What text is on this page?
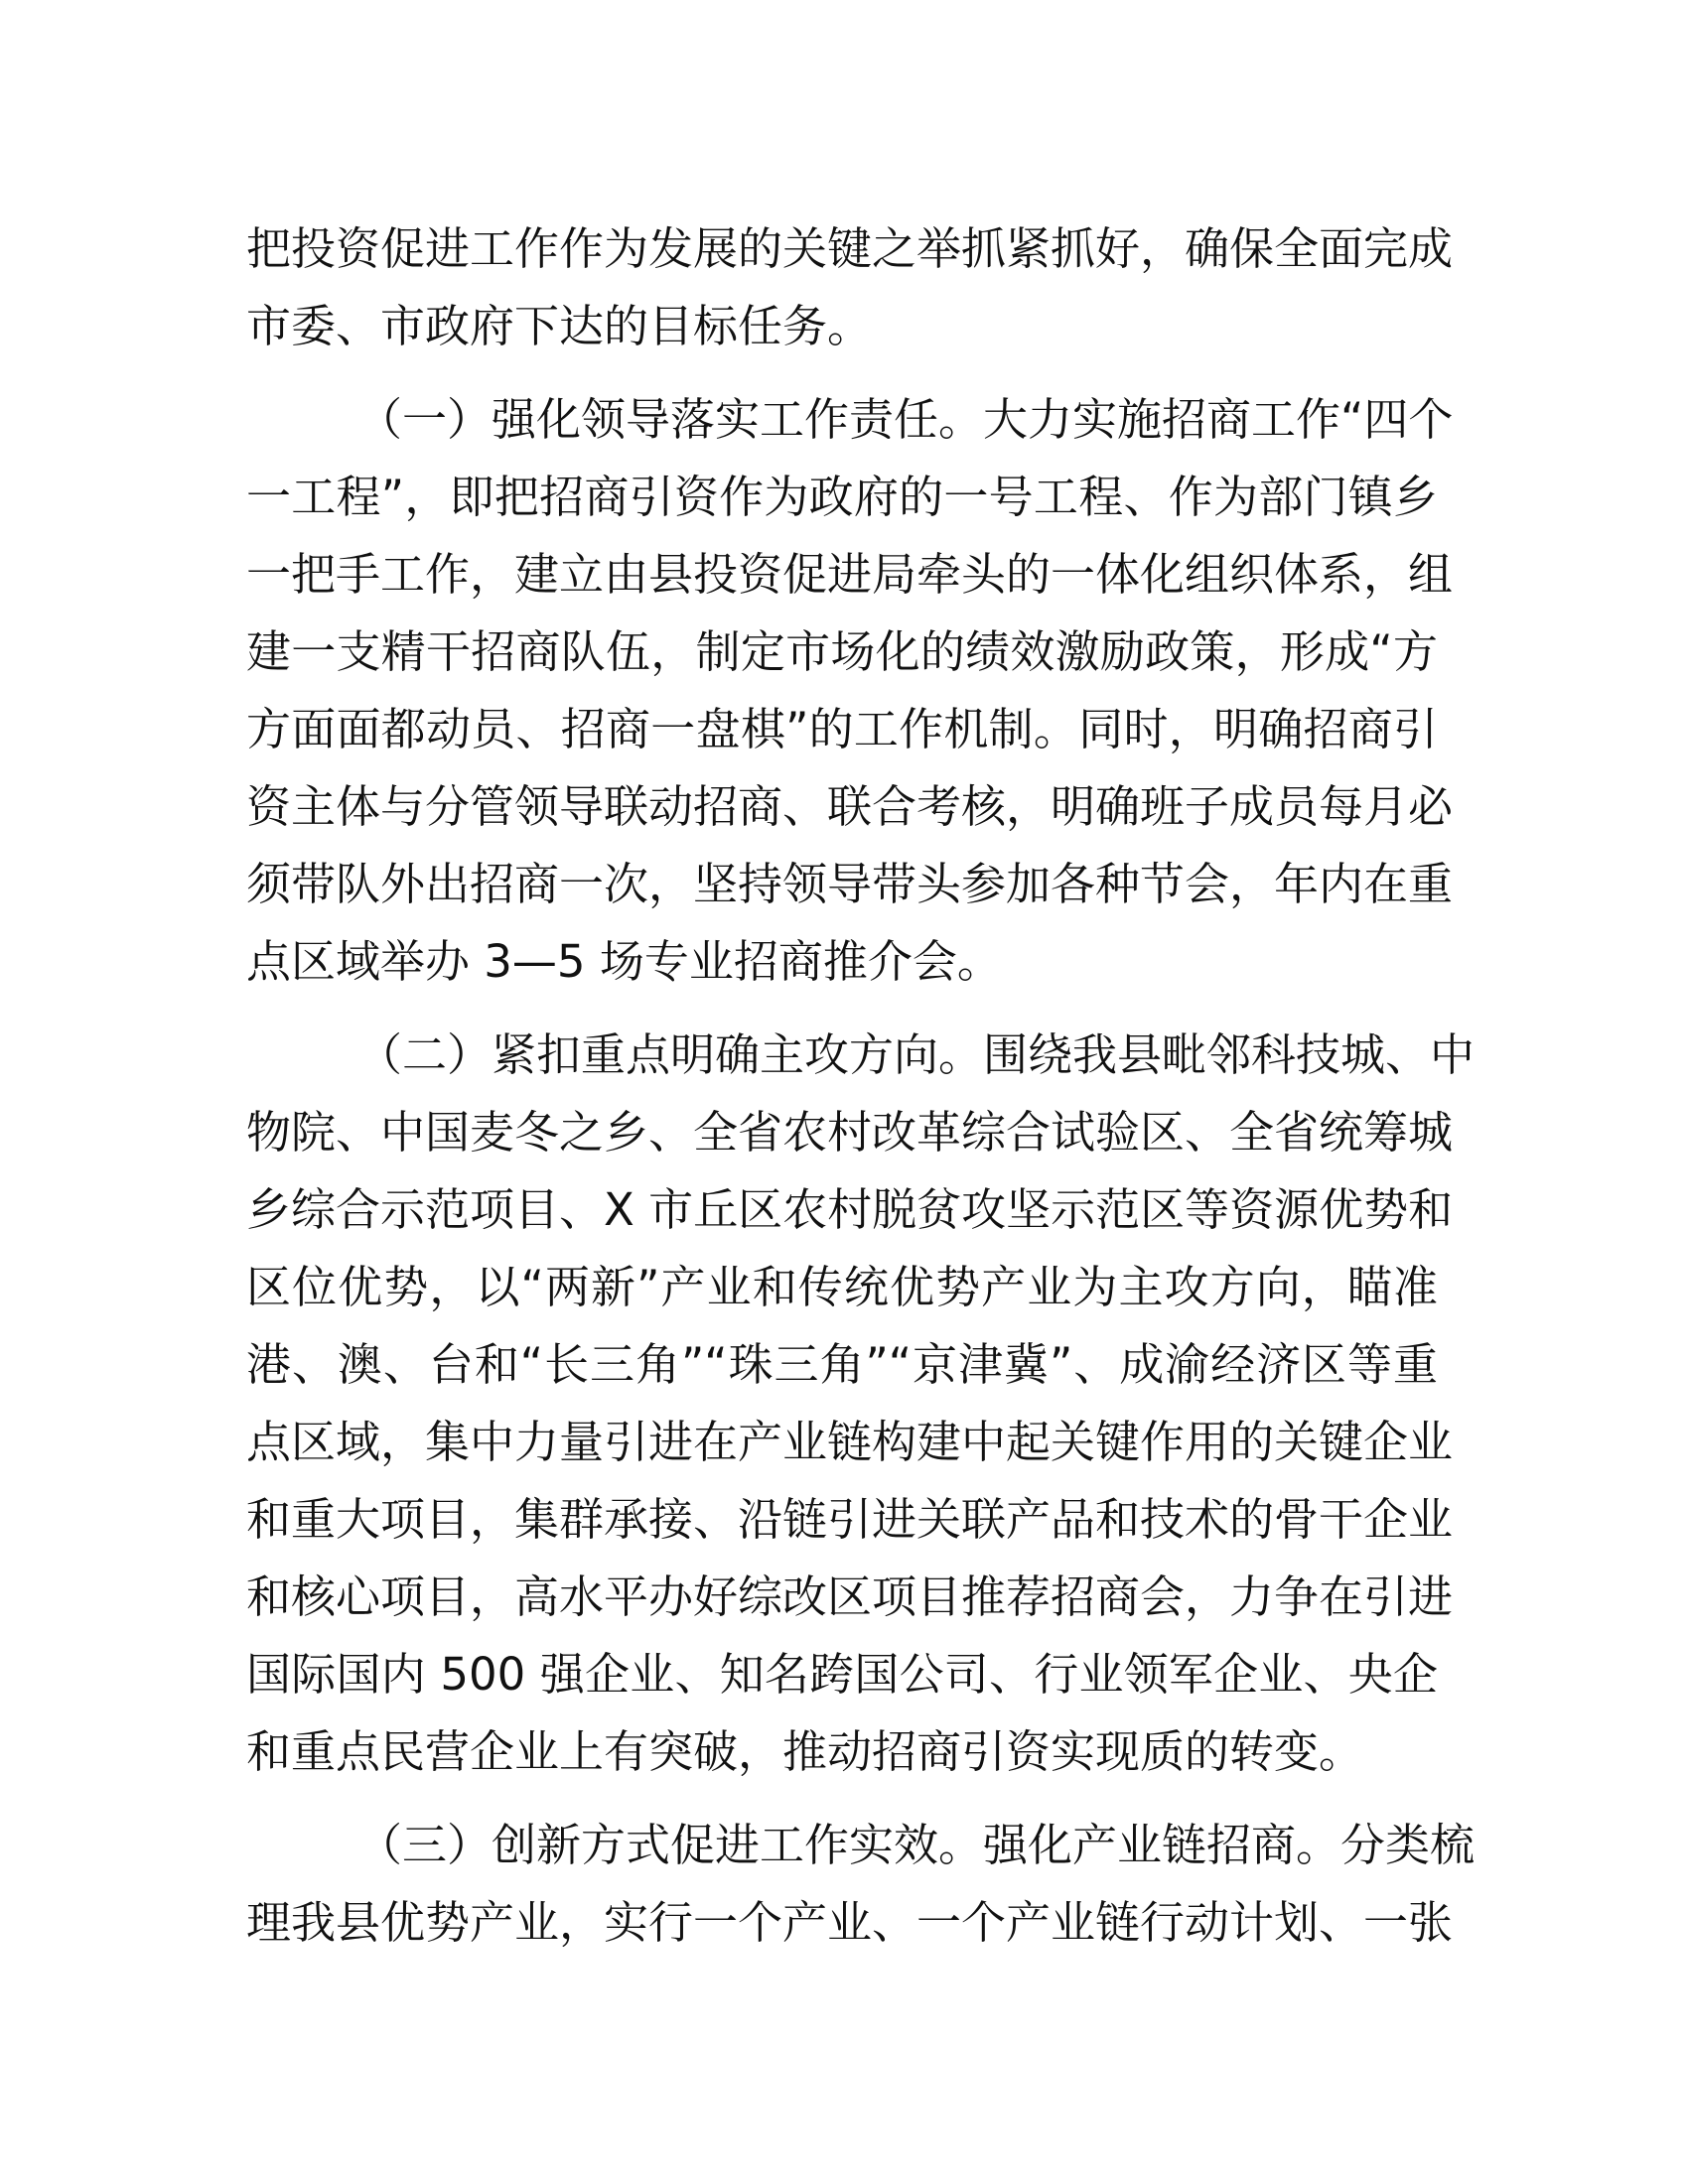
把投资促进工作作为发展的关键之举抓紧抓好，确保全面完成
市委、市政府下达的目标任务。
（一）强化领导落实工作责任。大力实施招商工作“四个
一工程”，即把招商引资作为政府的一号工程、作为部门镇乡
一把手工作，建立由县投资促进局牵头的一体化组织体系，组
建一支精干招商队伍，制定市场化的绩效激励政策，形成“方
方面面都动员、招商一盘棋”的工作机制。同时，明确招商引
资主体与分管领导联动招商、联合考核，明确班子成员每月必
须带队外出招商一次，坚持领导带头参加各种节会，年内在重
点区域举办 3—5 场专业招商推介会。
（二）紧扣重点明确主攻方向。围绕我县毗邻科技城、中
物院、中国麦冬之乡、全省农村改革综合试验区、全省统筹城
乡综合示范项目、X 市丘区农村脱贫攻坚示范区等资源优势和
区位优势，以“两新”产业和传统优势产业为主攻方向，瞄准
港、澳、台和“长三角”“珠三角”“京津冀”、成渝经济区等重
点区域，集中力量引进在产业链构建中起关键作用的关键企业
和重大项目，集群承接、沿链引进关联产品和技术的骨干企业
和核心项目，高水平办好综改区项目推荐招商会，力争在引进
国际国内 500 强企业、知名跨国公司、行业领军企业、央企
和重点民营企业上有突破，推动招商引资实现质的转变。
（三）创新方式促进工作实效。强化产业链招商。分类梳
理我县优势产业，实行一个产业、一个产业链行动计划、一张
